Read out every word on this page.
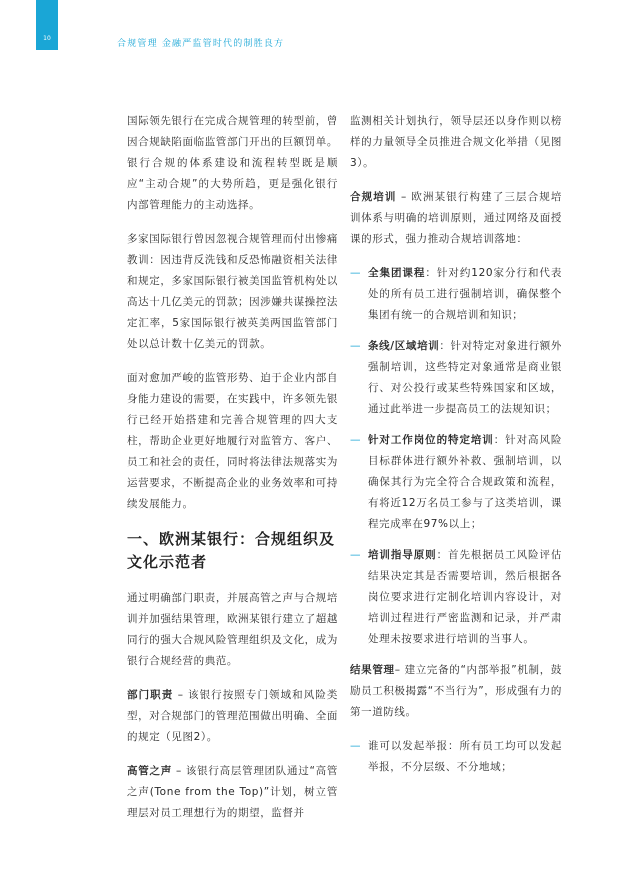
10
合规管理 金融严监管时代的制胜良方

国际领先银行在完成合规管理的转型前，曾因合规缺陷面临监管部门开出的巨额罚单。银行合规的体系建设和流程转型既是顺应“主动合规”的大势所趋，更是强化银行内部管理能力的主动选择。

多家国际银行曾因忽视合规管理而付出惨痛教训：因违背反洗钱和反恐怖融资相关法律和规定，多家国际银行被美国监管机构处以高达十几亿美元的罚款；因涉嫌共谋操控法定汇率，5家国际银行被英美两国监管部门处以总计数十亿美元的罚款。

面对愈加严峻的监管形势、迫于企业内部自身能力建设的需要，在实践中，许多领先银行已经开始搭建和完善合规管理的四大支柱，帮助企业更好地履行对监管方、客户、员工和社会的责任，同时将法律法规落实为运营要求，不断提高企业的业务效率和可持续发展能力。

一、欧洲某银行：合规组织及文化示范者

通过明确部门职责，并展高管之声与合规培训并加强结果管理，欧洲某银行建立了超越同行的强大合规风险管理组织及文化，成为银行合规经营的典范。

部门职责 – 该银行按照专门领域和风险类型，对合规部门的管理范围做出明确、全面的规定（见图2）。

高管之声 – 该银行高层管理团队通过“高管之声(Tone from the Top)”计划，树立管理层对员工理想行为的期望，监督并

监测相关计划执行，领导层还以身作则以榜样的力量领导全员推进合规文化举措（见图3）。

合规培训 – 欧洲某银行构建了三层合规培训体系与明确的培训原则，通过网络及面授课的形式，强力推动合规培训落地：

— 全集团课程：针对约120家分行和代表处的所有员工进行强制培训，确保整个集团有统一的合规培训和知识；

— 条线/区域培训：针对特定对象进行额外强制培训，这些特定对象通常是商业银行、对公投行或某些特殊国家和区域，通过此举进一步提高员工的法规知识；

— 针对工作岗位的特定培训：针对高风险目标群体进行额外补救、强制培训，以确保其行为完全符合合规政策和流程，有将近12万名员工参与了这类培训，课程完成率在97%以上；

— 培训指导原则：首先根据员工风险评估结果决定其是否需要培训，然后根据各岗位要求进行定制化培训内容设计，对培训过程进行严密监测和记录，并严肃处理未按要求进行培训的当事人。

结果管理– 建立完备的“内部举报”机制，鼓励员工积极揭露“不当行为”，形成强有力的第一道防线。

— 谁可以发起举报：所有员工均可以发起举报，不分层级、不分地域；
